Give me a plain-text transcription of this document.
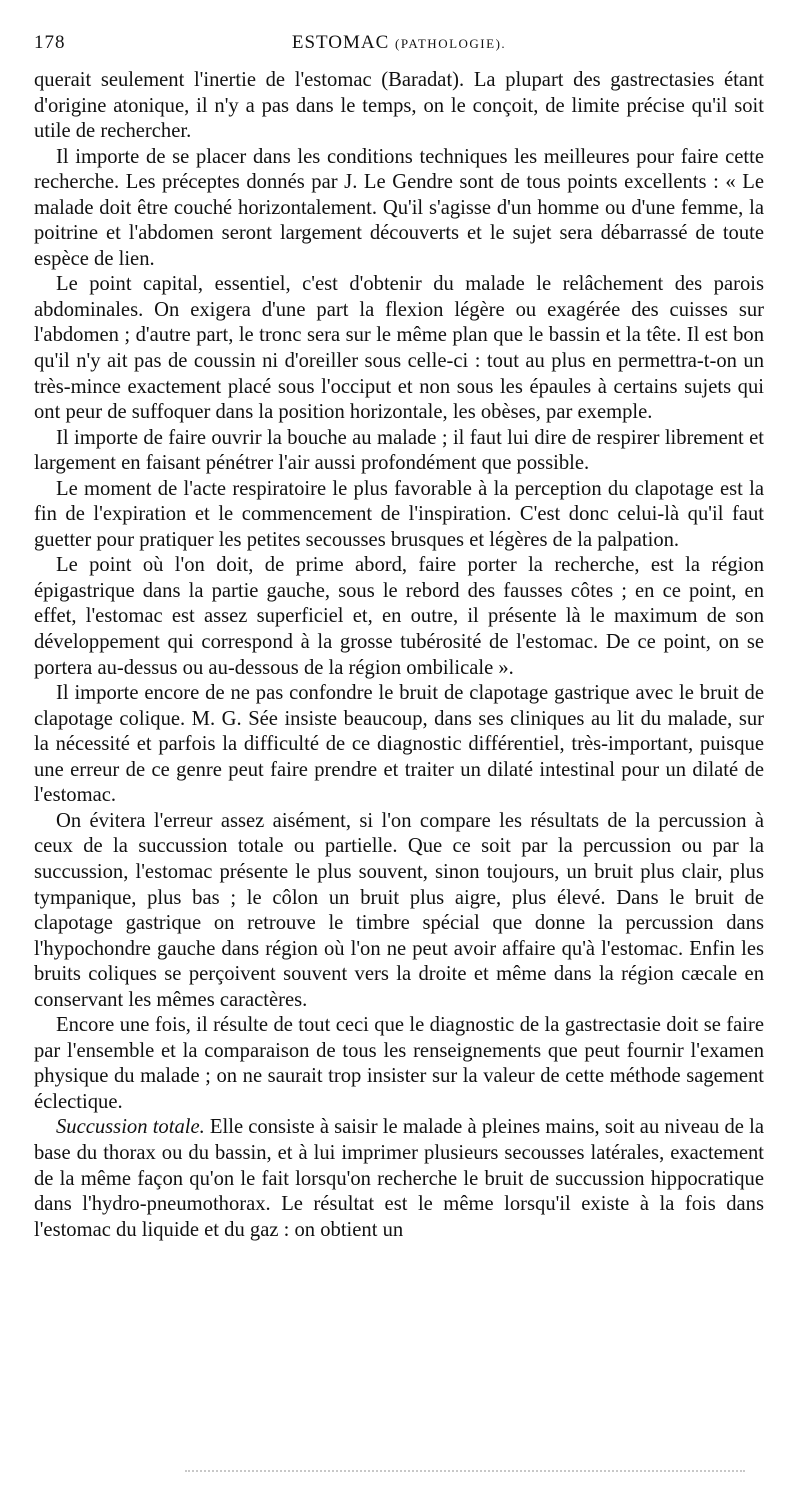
178	ESTOMAC (PATHOLOGIE).

querait seulement l'inertie de l'estomac (Baradat). La plupart des gastrectasies étant d'origine atonique, il n'y a pas dans le temps, on le conçoit, de limite précise qu'il soit utile de rechercher.

Il importe de se placer dans les conditions techniques les meilleures pour faire cette recherche. Les préceptes donnés par J. Le Gendre sont de tous points excellents : « Le malade doit être couché horizontalement. Qu'il s'agisse d'un homme ou d'une femme, la poitrine et l'abdomen seront largement découverts et le sujet sera débarrassé de toute espèce de lien.

Le point capital, essentiel, c'est d'obtenir du malade le relâchement des parois abdominales. On exigera d'une part la flexion légère ou exagérée des cuisses sur l'abdomen ; d'autre part, le tronc sera sur le même plan que le bassin et la tête. Il est bon qu'il n'y ait pas de coussin ni d'oreiller sous celle-ci : tout au plus en permettra-t-on un très-mince exactement placé sous l'occiput et non sous les épaules à certains sujets qui ont peur de suffoquer dans la position horizontale, les obèses, par exemple.

Il importe de faire ouvrir la bouche au malade ; il faut lui dire de respirer librement et largement en faisant pénétrer l'air aussi profondément que possible.

Le moment de l'acte respiratoire le plus favorable à la perception du clapotage est la fin de l'expiration et le commencement de l'inspiration. C'est donc celui-là qu'il faut guetter pour pratiquer les petites secousses brusques et légères de la palpation.

Le point où l'on doit, de prime abord, faire porter la recherche, est la région épigastrique dans la partie gauche, sous le rebord des fausses côtes ; en ce point, en effet, l'estomac est assez superficiel et, en outre, il présente là le maximum de son développement qui correspond à la grosse tubérosité de l'estomac. De ce point, on se portera au-dessus ou au-dessous de la région ombilicale ».

Il importe encore de ne pas confondre le bruit de clapotage gastrique avec le bruit de clapotage colique. M. G. Sée insiste beaucoup, dans ses cliniques au lit du malade, sur la nécessité et parfois la difficulté de ce diagnostic différentiel, très-important, puisque une erreur de ce genre peut faire prendre et traiter un dilaté intestinal pour un dilaté de l'estomac.

On évitera l'erreur assez aisément, si l'on compare les résultats de la percussion à ceux de la succussion totale ou partielle. Que ce soit par la percussion ou par la succussion, l'estomac présente le plus souvent, sinon toujours, un bruit plus clair, plus tympanique, plus bas ; le côlon un bruit plus aigre, plus élevé. Dans le bruit de clapotage gastrique on retrouve le timbre spécial que donne la percussion dans l'hypochondre gauche dans région où l'on ne peut avoir affaire qu'à l'estomac. Enfin les bruits coliques se perçoivent souvent vers la droite et même dans la région cæcale en conservant les mêmes caractères.

Encore une fois, il résulte de tout ceci que le diagnostic de la gastrectasie doit se faire par l'ensemble et la comparaison de tous les renseignements que peut fournir l'examen physique du malade ; on ne saurait trop insister sur la valeur de cette méthode sagement éclectique.

Succussion totale. Elle consiste à saisir le malade à pleines mains, soit au niveau de la base du thorax ou du bassin, et à lui imprimer plusieurs secousses latérales, exactement de la même façon qu'on le fait lorsqu'on recherche le bruit de succussion hippocratique dans l'hydro-pneumothorax. Le résultat est le même lorsqu'il existe à la fois dans l'estomac du liquide et du gaz : on obtient un
